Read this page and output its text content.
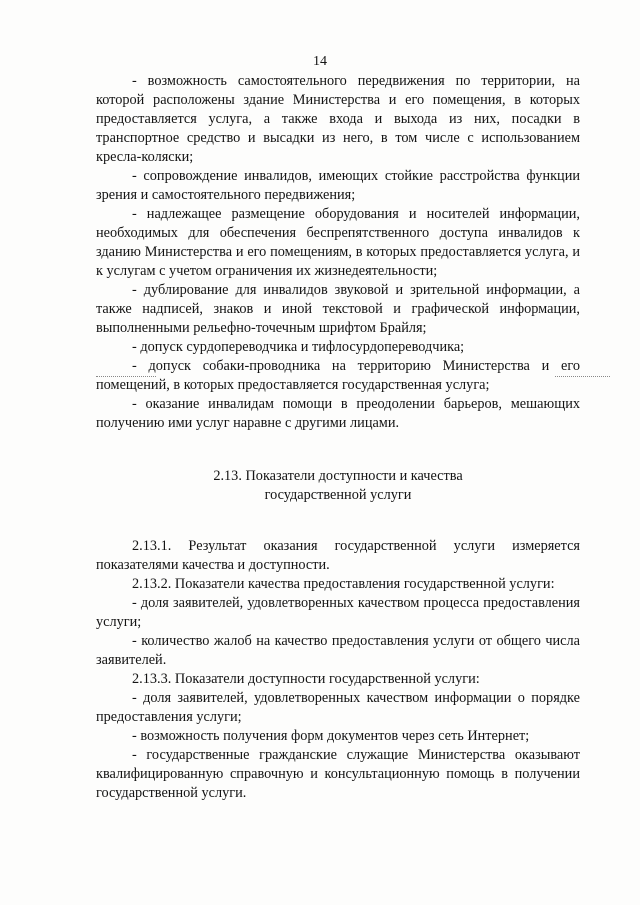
14

- возможность самостоятельного передвижения по территории, на которой расположены здание Министерства и его помещения, в которых предоставляется услуга, а также входа и выхода из них, посадки в транспортное средство и высадки из него, в том числе с использованием кресла-коляски;

- сопровождение инвалидов, имеющих стойкие расстройства функции зрения и самостоятельного передвижения;

- надлежащее размещение оборудования и носителей информации, необходимых для обеспечения беспрепятственного доступа инвалидов к зданию Министерства и его помещениям, в которых предоставляется услуга, и к услугам с учетом ограничения их жизнедеятельности;

- дублирование для инвалидов звуковой и зрительной информации, а также надписей, знаков и иной текстовой и графической информации, выполненными рельефно-точечным шрифтом Брайля;

- допуск сурдопереводчика и тифлосурдопереводчика;

- допуск собаки-проводника на территорию Министерства и его помещений, в которых предоставляется государственная услуга;

- оказание инвалидам помощи в преодолении барьеров, мешающих получению ими услуг наравне с другими лицами.

2.13. Показатели доступности и качества
государственной услуги

2.13.1. Результат оказания государственной услуги измеряется показателями качества и доступности.

2.13.2. Показатели качества предоставления государственной услуги:

- доля заявителей, удовлетворенных качеством процесса предоставления услуги;

- количество жалоб на качество предоставления услуги от общего числа заявителей.

2.13.3. Показатели доступности государственной услуги:

- доля заявителей, удовлетворенных качеством информации о порядке предоставления услуги;

- возможность получения форм документов через сеть Интернет;

- государственные гражданские служащие Министерства оказывают квалифицированную справочную и консультационную помощь в получении государственной услуги.
